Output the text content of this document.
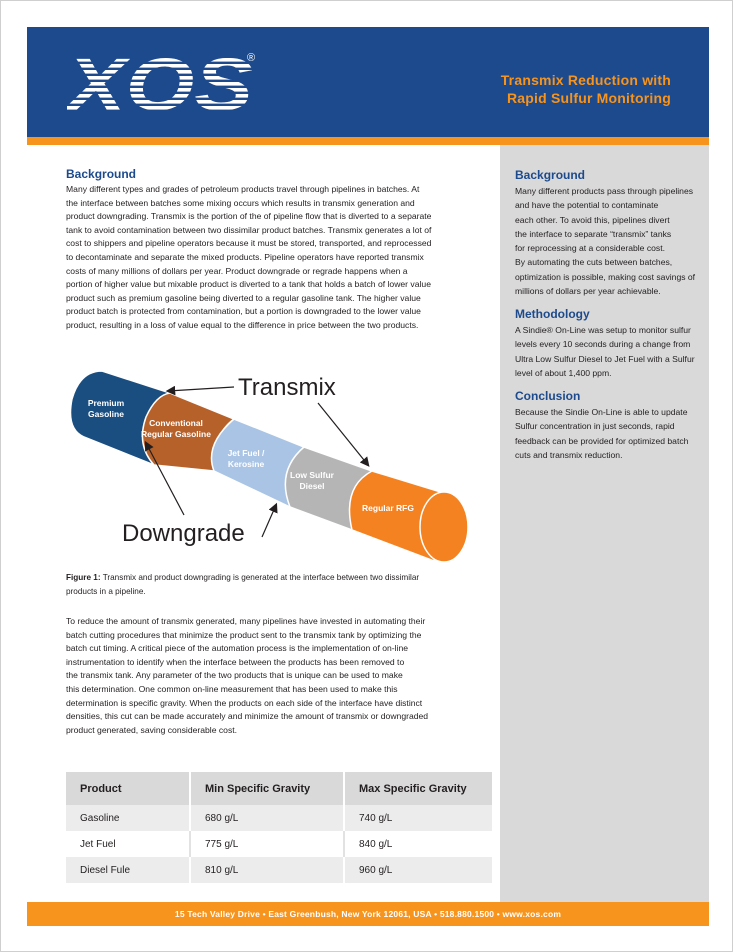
®
Transmix Reduction with
Rapid Sulfur Monitoring
Background
Many different types and grades of petroleum products travel through pipelines in batches. At
the interface between batches some mixing occurs which results in transmix generation and
product downgrading. Transmix is the portion of the of pipeline flow that is diverted to a separate
tank to avoid contamination between two dissimilar product batches. Transmix generates a lot of
cost to shippers and pipeline operators because it must be stored, transported, and reprocessed
to decontaminate and separate the mixed products. Pipeline operators have reported transmix
costs of many millions of dollars per year. Product downgrade or regrade happens when a
portion of higher value but mixable product is diverted to a tank that holds a batch of lower value
product such as premium gasoline being diverted to a regular gasoline tank. The higher value
product batch is protected from contamination, but a portion is downgraded to the lower value
product, resulting in a loss of value equal to the difference in price between the two products.
Premium
Gasoline
Conventional
Regular Gasoline
Jet Fuel /
Kerosine
Low Sulfur
Diesel
Regular RFG
Transmix
Downgrade
Figure 1: Transmix and product downgrading is generated at the interface between two dissimilar
products in a pipeline.
To reduce the amount of transmix generated, many pipelines have invested in automating their
batch cutting procedures that minimize the product sent to the transmix tank by optimizing the
batch cut timing. A critical piece of the automation process is the implementation of on-line
instrumentation to identify when the interface between the products has been removed to
the transmix tank. Any parameter of the two products that is unique can be used to make
this determination. One common on-line measurement that has been used to make this
determination is specific gravity. When the products on each side of the interface have distinct
densities, this cut can be made accurately and minimize the amount of transmix or downgraded
product generated, saving considerable cost.
Product	Min Specific Gravity	Max Specific Gravity
Gasoline	680 g/L	740 g/L
Jet Fuel	775 g/L	840 g/L
Diesel Fule	810 g/L	960 g/L
Background
Many different products pass through pipelines
and have the potential to contaminate
each other. To avoid this, pipelines divert
the interface to separate “transmix” tanks
for reprocessing at a considerable cost.
By automating the cuts between batches,
optimization is possible, making cost savings of
millions of dollars per year achievable.
Methodology
A Sindie® On-Line was setup to monitor sulfur
levels every 10 seconds during a change from
Ultra Low Sulfur Diesel to Jet Fuel with a Sulfur
level of about 1,400 ppm.
Conclusion
Because the Sindie On-Line is able to update
Sulfur concentration in just seconds, rapid
feedback can be provided for optimized batch
cuts and transmix reduction.
15 Tech Valley Drive • East Greenbush, New York 12061, USA • 518.880.1500 • www.xos.com
